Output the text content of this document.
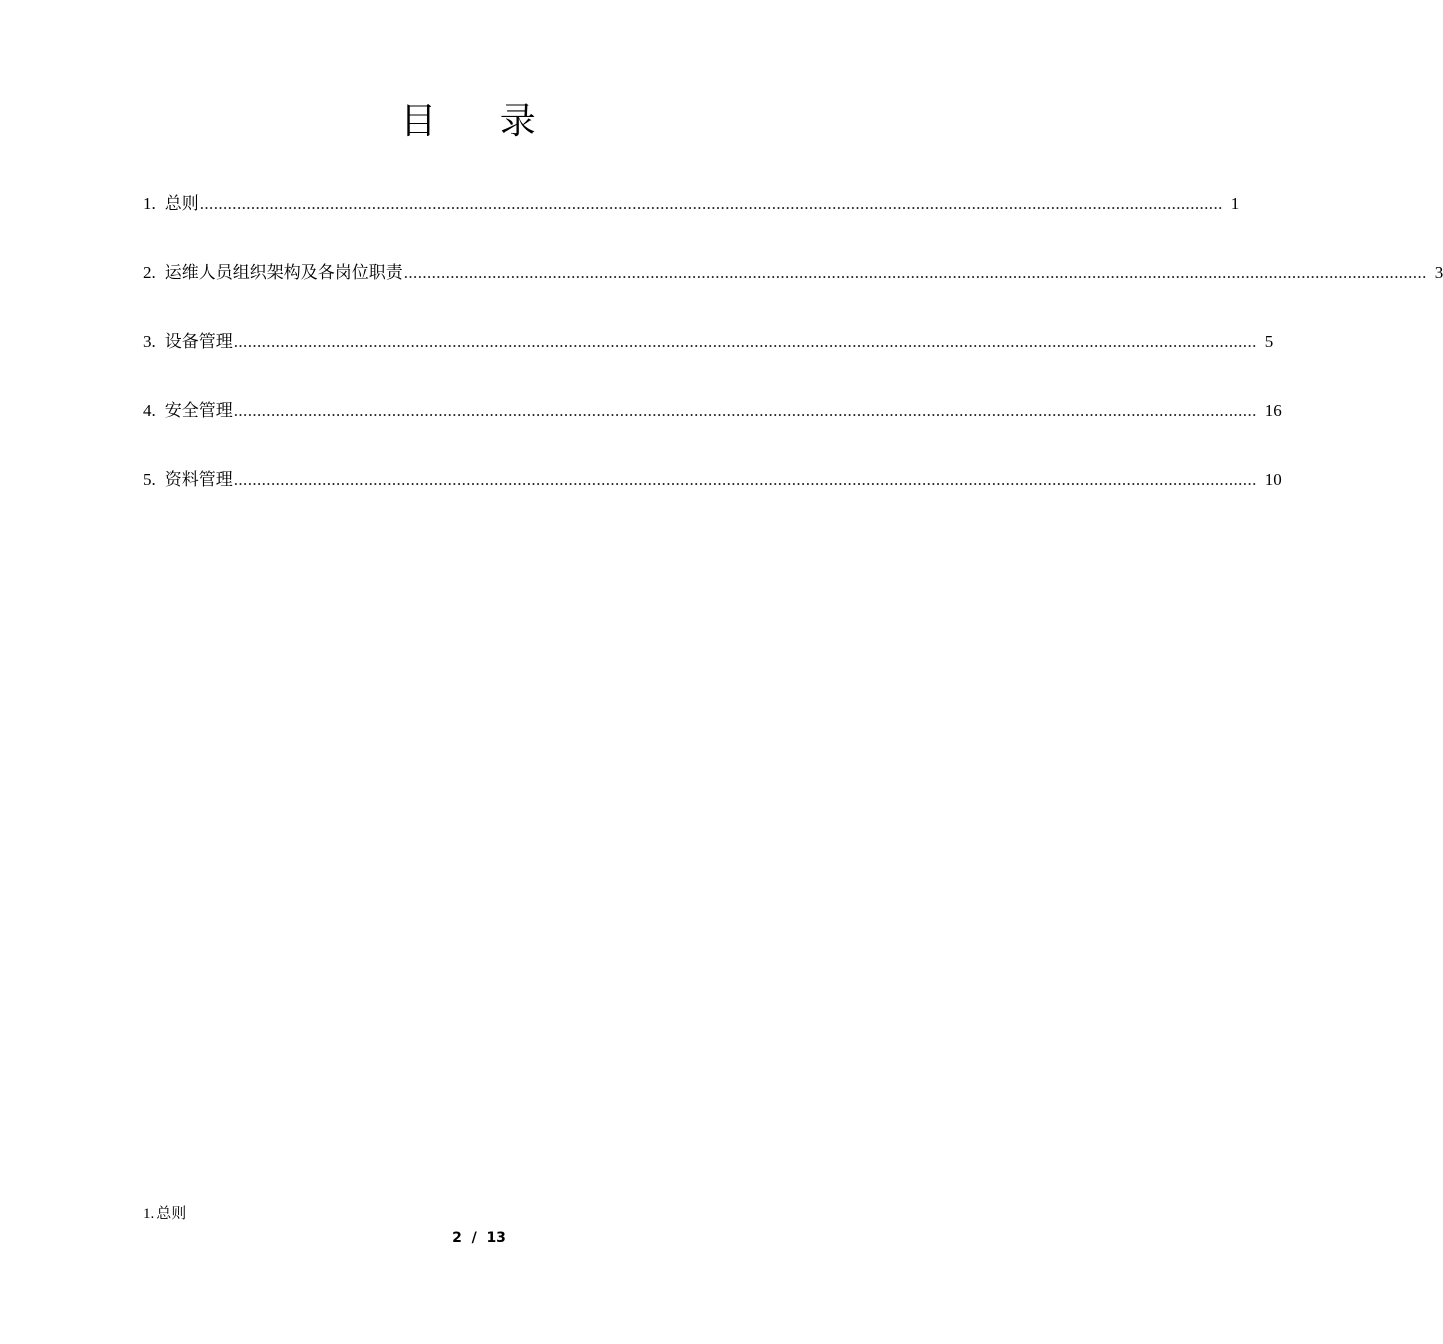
目 录
1. 总则 ............................................................................................................................................................................................................................ 1
2. 运维人员组织架构及各岗位职责 ............................................................................................................................................................................................................................ 3
3. 设备管理 ............................................................................................................................................................................................................................ 5
4. 安全管理 ............................................................................................................................................................................................................................ 16
5. 资料管理 ............................................................................................................................................................................................................................ 10
1. 总则
2 / 13
